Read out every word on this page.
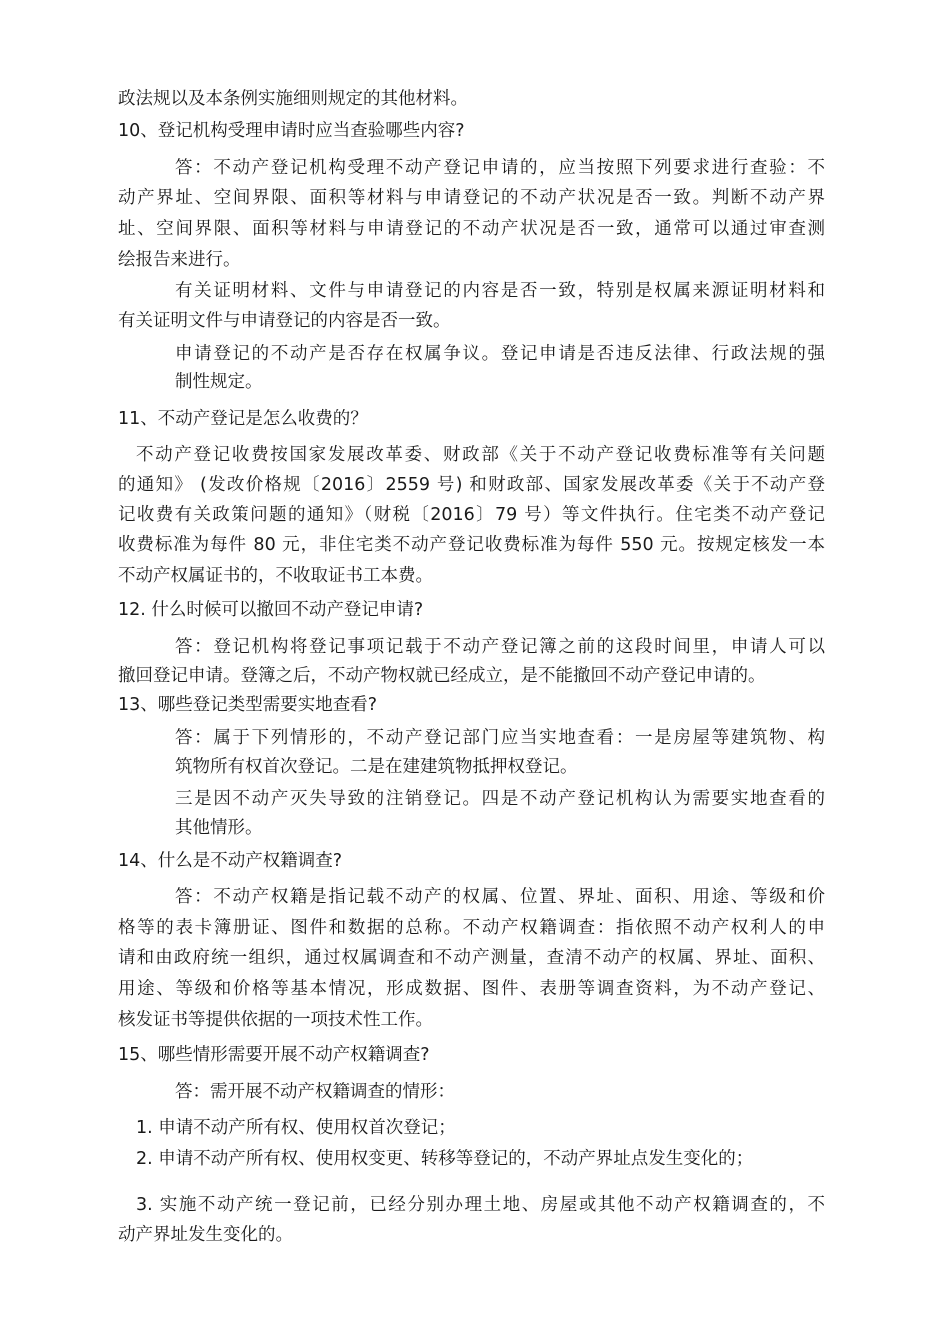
政法规以及本条例实施细则规定的其他材料。
10、登记机构受理申请时应当查验哪些内容?
答：不动产登记机构受理不动产登记申请的，应当按照下列要求进行查验：不
动产界址、空间界限、面积等材料与申请登记的不动产状况是否一致。判断不动产界
址、空间界限、面积等材料与申请登记的不动产状况是否一致，通常可以通过审查测
绘报告来进行。
有关证明材料、文件与申请登记的内容是否一致，特别是权属来源证明材料和
有关证明文件与申请登记的内容是否一致。
申请登记的不动产是否存在权属争议。登记申请是否违反法律、行政法规的强
制性规定。
11、不动产登记是怎么收费的？
不动产登记收费按国家发展改革委、财政部《关于不动产登记收费标准等有关问题
的通知》 (发改价格规〔2016〕2559 号) 和财政部、国家发展改革委《关于不动产登
记收费有关政策问题的通知》（财税〔2016〕79 号）等文件执行。住宅类不动产登记
收费标准为每件 80 元，非住宅类不动产登记收费标准为每件 550 元。按规定核发一本
不动产权属证书的，不收取证书工本费。
12. 什么时候可以撤回不动产登记申请?
答：登记机构将登记事项记载于不动产登记簿之前的这段时间里，申请人可以
撤回登记申请。登簿之后，不动产物权就已经成立，是不能撤回不动产登记申请的。
13、哪些登记类型需要实地查看?
答：属于下列情形的，不动产登记部门应当实地查看：一是房屋等建筑物、构
筑物所有权首次登记。二是在建建筑物抵押权登记。
三是因不动产灭失导致的注销登记。四是不动产登记机构认为需要实地查看的
其他情形。
14、什么是不动产权籍调查?
答：不动产权籍是指记载不动产的权属、位置、界址、面积、用途、等级和价
格等的表卡簿册证、图件和数据的总称。不动产权籍调查：指依照不动产权利人的申
请和由政府统一组织，通过权属调查和不动产测量，查清不动产的权属、界址、面积、
用途、等级和价格等基本情况，形成数据、图件、表册等调查资料，为不动产登记、
核发证书等提供依据的一项技术性工作。
15、哪些情形需要开展不动产权籍调查?
答：需开展不动产权籍调查的情形：
1. 申请不动产所有权、使用权首次登记；
2. 申请不动产所有权、使用权变更、转移等登记的，不动产界址点发生变化的；
3. 实施不动产统一登记前，已经分别办理土地、房屋或其他不动产权籍调查的，不
动产界址发生变化的。
